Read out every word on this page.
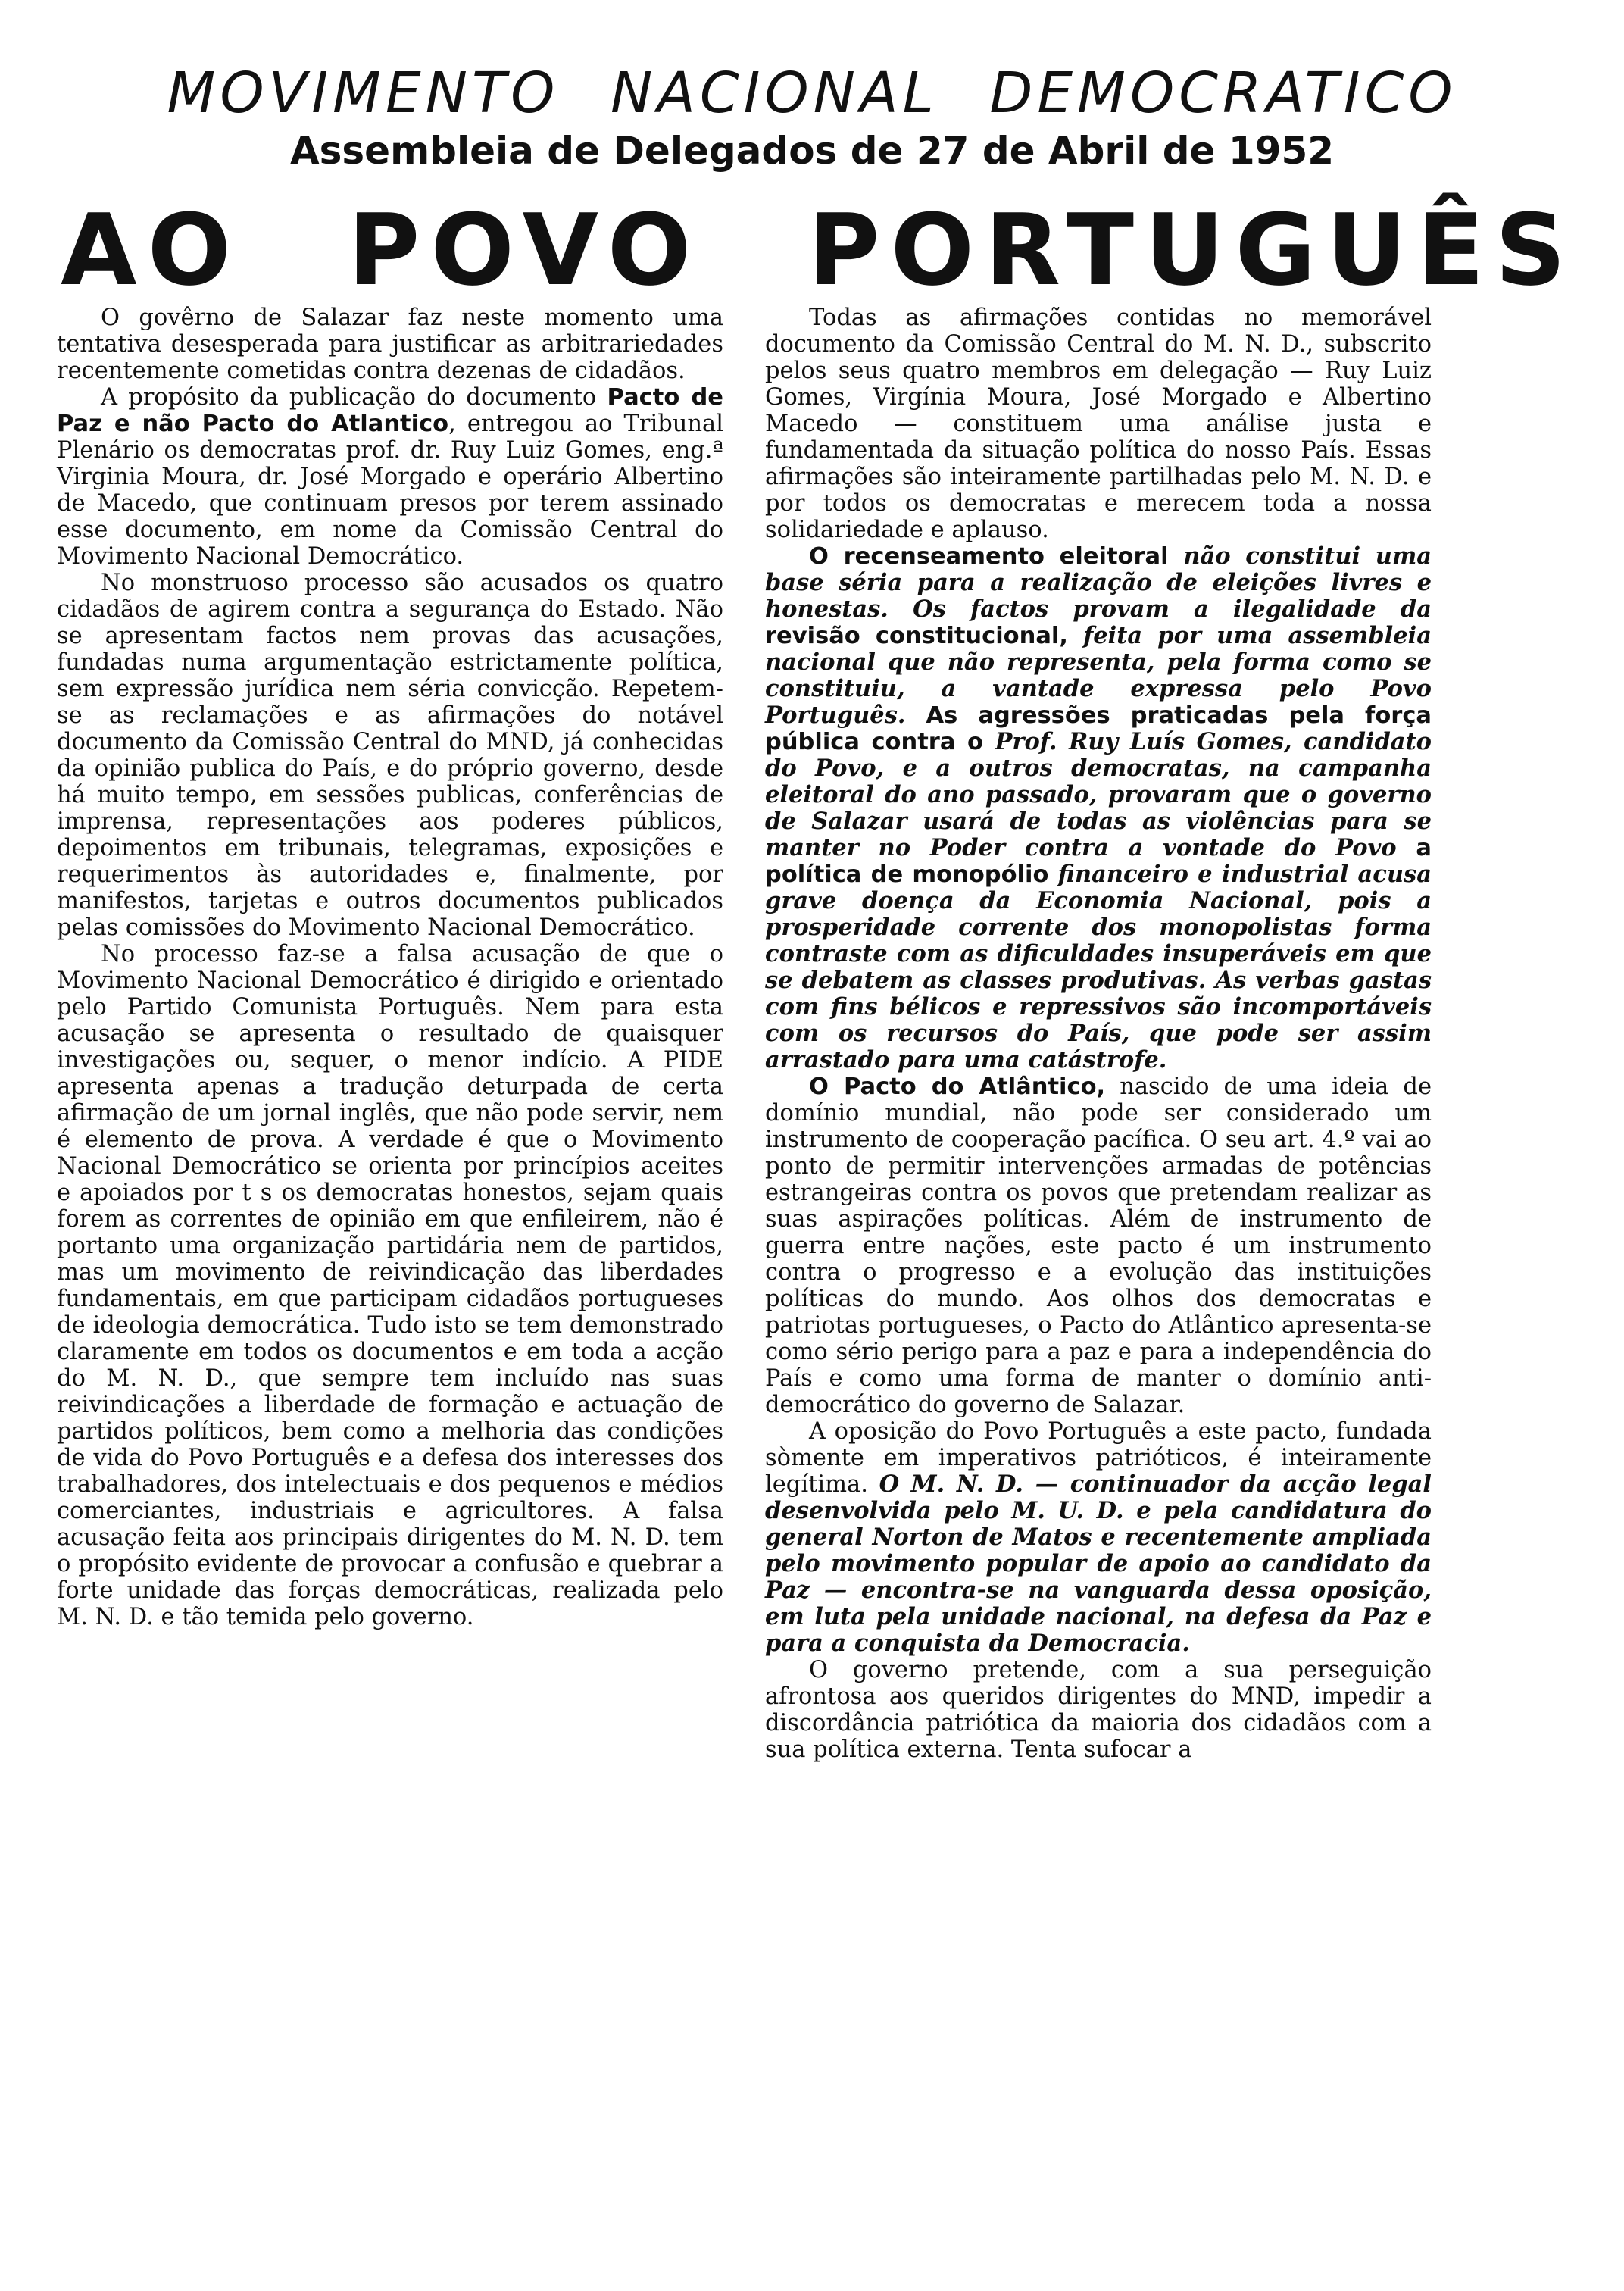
MOVIMENTO NACIONAL DEMOCRATICO
Assembleia de Delegados de 27 de Abril de 1952
AO POVO PORTUGUÊS

O govêrno de Salazar faz neste momento uma tentativa desesperada para justificar as arbitrariedades recentemente cometidas contra dezenas de cidadãos.

A propósito da publicação do documento Pacto de Paz e não Pacto do Atlantico, entregou ao Tribunal Plenário os democratas prof. dr. Ruy Luiz Gomes, eng.ª Virginia Moura, dr. José Morgado e operário Albertino de Macedo, que continuam presos por terem assinado esse documento, em nome da Comissão Central do Movimento Nacional Democrático.

No monstruoso processo são acusados os quatro cidadãos de agirem contra a segurança do Estado. Não se apresentam factos nem provas das acusações, fundadas numa argumentação estrictamente política, sem expressão jurídica nem séria convicção. Repetem-se as reclamações e as afirmações do notável documento da Comissão Central do MND, já conhecidas da opinião publica do País, e do próprio governo, desde há muito tempo, em sessões publicas, conferências de imprensa, representações aos poderes públicos, depoimentos em tribunais, telegramas, exposições e requerimentos às autoridades e, finalmente, por manifestos, tarjetas e outros documentos publicados pelas comissões do Movimento Nacional Democrático.

No processo faz-se a falsa acusação de que o Movimento Nacional Democrático é dirigido e orientado pelo Partido Comunista Português. Nem para esta acusação se apresenta o resultado de quaisquer investigações ou, sequer, o menor indício. A PIDE apresenta apenas a tradução deturpada de certa afirmação de um jornal inglês, que não pode servir, nem é elemento de prova. A verdade é que o Movimento Nacional Democrático se orienta por princípios aceites e apoiados por t s os democratas honestos, sejam quais forem as correntes de opinião em que enfileirem, não é portanto uma organização partidária nem de partidos, mas um movimento de reivindicação das liberdades fundamentais, em que participam cidadãos portugueses de ideologia democrática. Tudo isto se tem demonstrado claramente em todos os documentos e em toda a acção do M. N. D., que sempre tem incluído nas suas reivindicações a liberdade de formação e actuação de partidos políticos, bem como a melhoria das condições de vida do Povo Português e a defesa dos interesses dos trabalhadores, dos intelectuais e dos pequenos e médios comerciantes, industriais e agricultores. A falsa acusação feita aos principais dirigentes do M. N. D. tem o propósito evidente de provocar a confusão e quebrar a forte unidade das forças democráticas, realizada pelo M. N. D. e tão temida pelo governo.

Todas as afirmações contidas no memorável documento da Comissão Central do M. N. D., subscrito pelos seus quatro membros em delegação — Ruy Luiz Gomes, Virgínia Moura, José Morgado e Albertino Macedo — constituem uma análise justa e fundamentada da situação política do nosso País. Essas afirmações são inteiramente partilhadas pelo M. N. D. e por todos os democratas e merecem toda a nossa solidariedade e aplauso.

O recenseamento eleitoral não constitui uma base séria para a realização de eleições livres e honestas. Os factos provam a ilegalidade da revisão constitucional, feita por uma assembleia nacional que não representa, pela forma como se constituiu, a vantade expressa pelo Povo Português. As agressões praticadas pela força pública contra o Prof. Ruy Luís Gomes, candidato do Povo, e a outros democratas, na campanha eleitoral do ano passado, provaram que o governo de Salazar usará de todas as violências para se manter no Poder contra a vontade do Povo a política de monopólio financeiro e industrial acusa grave doença da Economia Nacional, pois a prosperidade corrente dos monopolistas forma contraste com as dificuldades insuperáveis em que se debatem as classes produtivas. As verbas gastas com fins bélicos e repressivos são incomportáveis com os recursos do País, que pode ser assim arrastado para uma catástrofe.

O Pacto do Atlântico, nascido de uma ideia de domínio mundial, não pode ser considerado um instrumento de cooperação pacífica. O seu art. 4.º vai ao ponto de permitir intervenções armadas de potências estrangeiras contra os povos que pretendam realizar as suas aspirações políticas. Além de instrumento de guerra entre nações, este pacto é um instrumento contra o progresso e a evolução das instituições políticas do mundo. Aos olhos dos democratas e patriotas portugueses, o Pacto do Atlântico apresenta-se como sério perigo para a paz e para a independência do País e como uma forma de manter o domínio anti-democrático do governo de Salazar.

A oposição do Povo Português a este pacto, fundada sòmente em imperativos patrióticos, é inteiramente legítima. O M. N. D. — continuador da acção legal desenvolvida pelo M. U. D. e pela candidatura do general Norton de Matos e recentemente ampliada pelo movimento popular de apoio ao candidato da Paz — encontra-se na vanguarda dessa oposição, em luta pela unidade nacional, na defesa da Paz e para a conquista da Democracia.

O governo pretende, com a sua perseguição afrontosa aos queridos dirigentes do MND, impedir a discordância patriótica da maioria dos cidadãos com a sua política externa. Tenta sufocar a
